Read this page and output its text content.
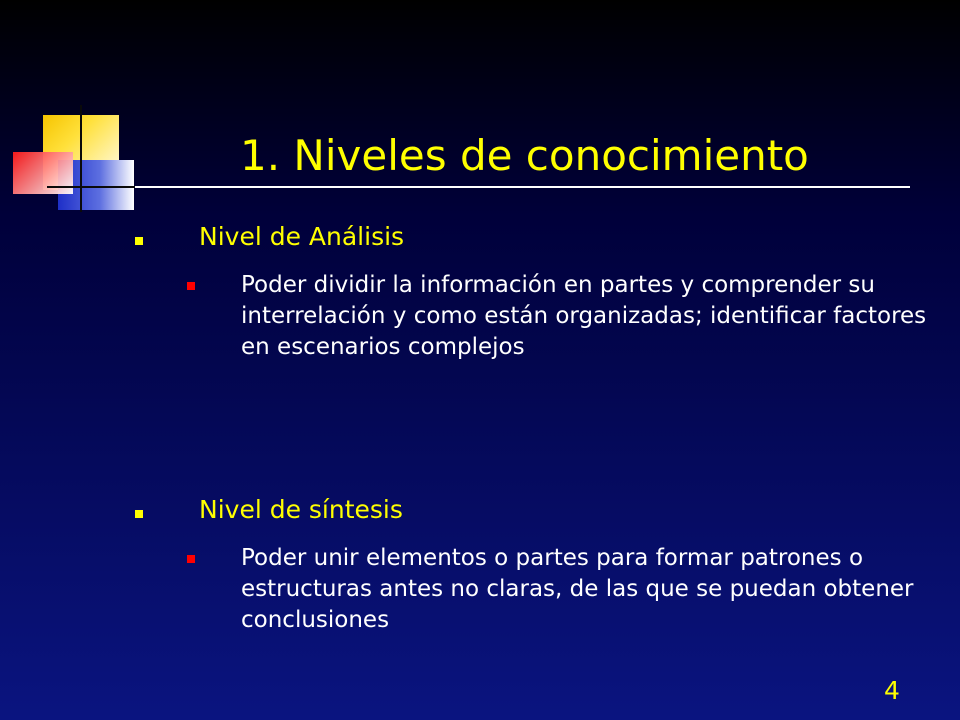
1. Niveles de conocimiento
Nivel de Análisis

Poder dividir la información en partes y comprender su interrelación y como están organizadas; identificar factores en escenarios complejos

Nivel de síntesis

Poder unir elementos o partes para formar patrones o estructuras antes no claras, de las que se puedan obtener conclusiones

4
